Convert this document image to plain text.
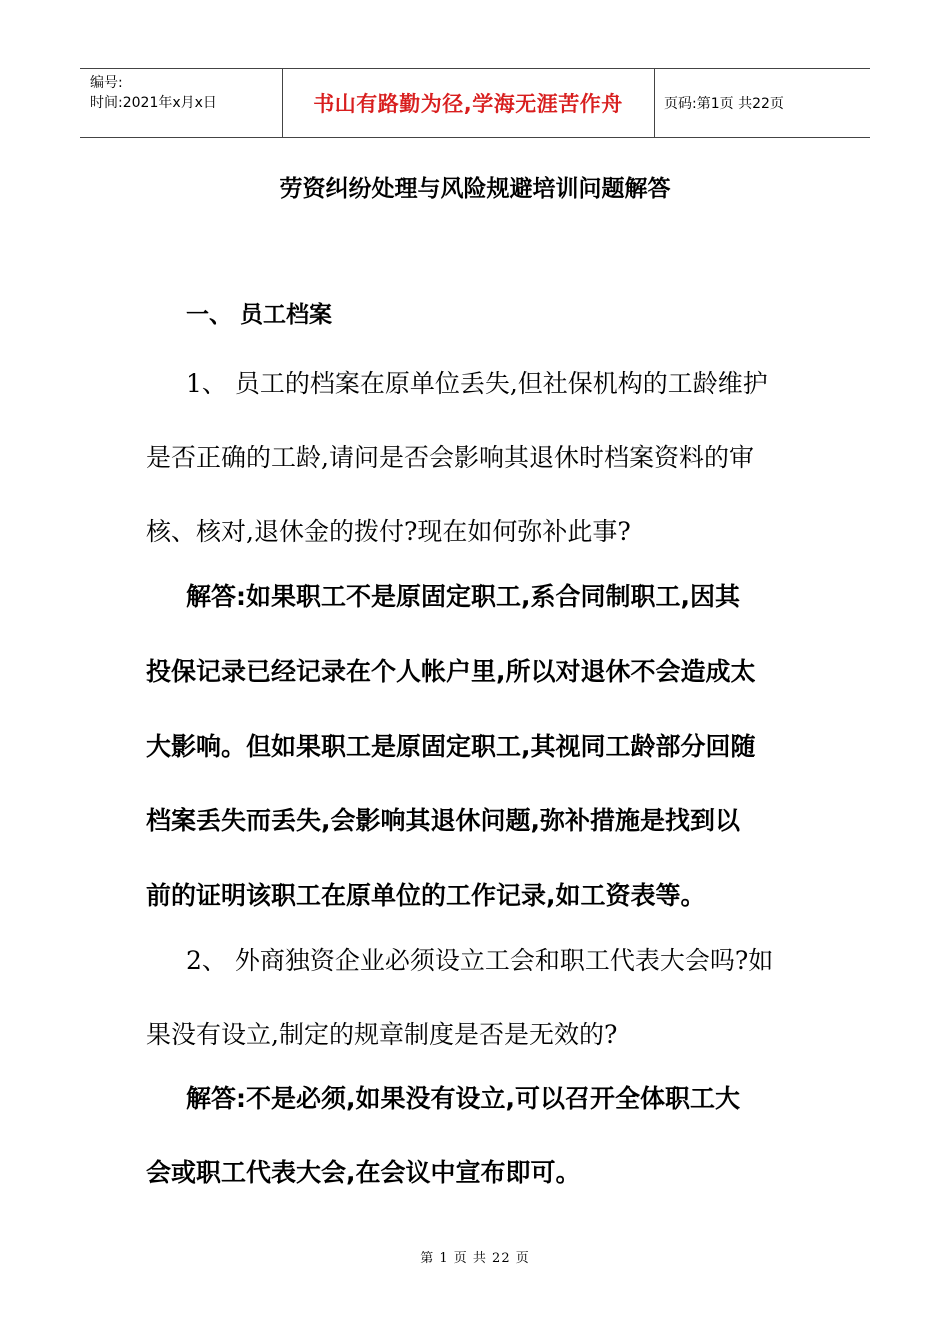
编号:
时间:2021年x月x日	书山有路勤为径,学海无涯苦作舟	页码:第1页 共22页
劳资纠纷处理与风险规避培训问题解答
一、 员工档案
1、 员工的档案在原单位丢失,但社保机构的工龄维护
是否正确的工龄,请问是否会影响其退休时档案资料的审
核、核对,退休金的拨付?现在如何弥补此事?
解答:如果职工不是原固定职工,系合同制职工,因其
投保记录已经记录在个人帐户里,所以对退休不会造成太
大影响。但如果职工是原固定职工,其视同工龄部分回随
档案丢失而丢失,会影响其退休问题,弥补措施是找到以
前的证明该职工在原单位的工作记录,如工资表等。
2、 外商独资企业必须设立工会和职工代表大会吗?如
果没有设立,制定的规章制度是否是无效的?
解答:不是必须,如果没有设立,可以召开全体职工大
会或职工代表大会,在会议中宣布即可。
第 1 页 共 22 页
